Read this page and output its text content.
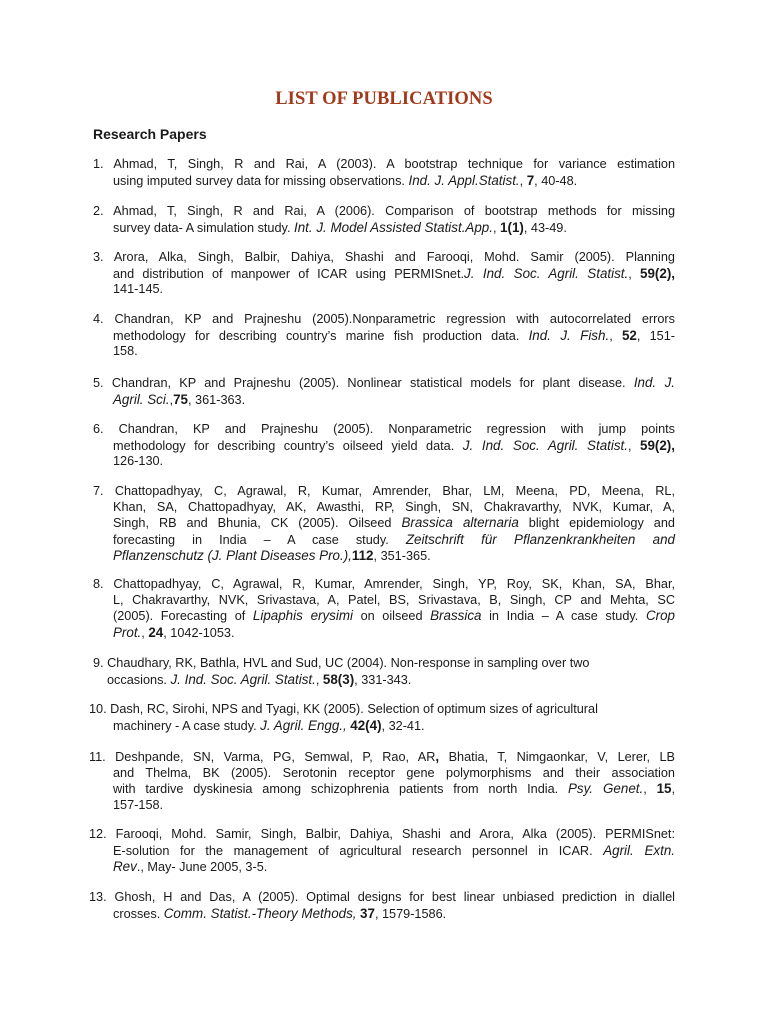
LIST OF PUBLICATIONS
Research Papers
1. Ahmad, T, Singh, R and Rai, A (2003). A bootstrap technique for variance estimation
using imputed survey data for missing observations. Ind. J. Appl.Statist., 7, 40-48.
2. Ahmad, T, Singh, R and Rai, A (2006). Comparison of bootstrap methods for missing
survey data- A simulation study. Int. J. Model Assisted Statist.App., 1(1), 43-49.
3. Arora, Alka, Singh, Balbir, Dahiya, Shashi and Farooqi, Mohd. Samir (2005). Planning
and distribution of manpower of ICAR using PERMISnet.J. Ind. Soc. Agril. Statist., 59(2),
141-145.
4. Chandran, KP and Prajneshu (2005).Nonparametric regression with autocorrelated errors
methodology for describing country’s marine fish production data. Ind. J. Fish., 52, 151-
158.
5. Chandran, KP and Prajneshu (2005). Nonlinear statistical models for plant disease. Ind. J.
Agril. Sci.,75, 361-363.
6. Chandran, KP and Prajneshu (2005). Nonparametric regression with jump points
methodology for describing country’s oilseed yield data. J. Ind. Soc. Agril. Statist., 59(2),
126-130.
7. Chattopadhyay, C, Agrawal, R, Kumar, Amrender, Bhar, LM, Meena, PD, Meena, RL,
Khan, SA, Chattopadhyay, AK, Awasthi, RP, Singh, SN, Chakravarthy, NVK, Kumar, A,
Singh, RB and Bhunia, CK (2005). Oilseed Brassica alternaria blight epidemiology and
forecasting in India – A case study. Zeitschrift für Pflanzenkrankheiten and
Pflanzenschutz (J. Plant Diseases Pro.),112, 351-365.
8. Chattopadhyay, C, Agrawal, R, Kumar, Amrender, Singh, YP, Roy, SK, Khan, SA, Bhar,
L, Chakravarthy, NVK, Srivastava, A, Patel, BS, Srivastava, B, Singh, CP and Mehta, SC
(2005). Forecasting of Lipaphis erysimi on oilseed Brassica in India – A case study. Crop
Prot., 24, 1042-1053.
9. Chaudhary, RK, Bathla, HVL and Sud, UC (2004). Non-response in sampling over two
occasions. J. Ind. Soc. Agril. Statist., 58(3), 331-343.
10. Dash, RC, Sirohi, NPS and Tyagi, KK (2005). Selection of optimum sizes of agricultural
machinery - A case study. J. Agril. Engg., 42(4), 32-41.
11. Deshpande, SN, Varma, PG, Semwal, P, Rao, AR, Bhatia, T, Nimgaonkar, V, Lerer, LB
and Thelma, BK (2005). Serotonin receptor gene polymorphisms and their association
with tardive dyskinesia among schizophrenia patients from north India. Psy. Genet., 15,
157-158.
12. Farooqi, Mohd. Samir, Singh, Balbir, Dahiya, Shashi and Arora, Alka (2005). PERMISnet:
E-solution for the management of agricultural research personnel in ICAR. Agril. Extn.
Rev., May- June 2005, 3-5.
13. Ghosh, H and Das, A (2005). Optimal designs for best linear unbiased prediction in diallel
crosses. Comm. Statist.-Theory Methods, 37, 1579-1586.
